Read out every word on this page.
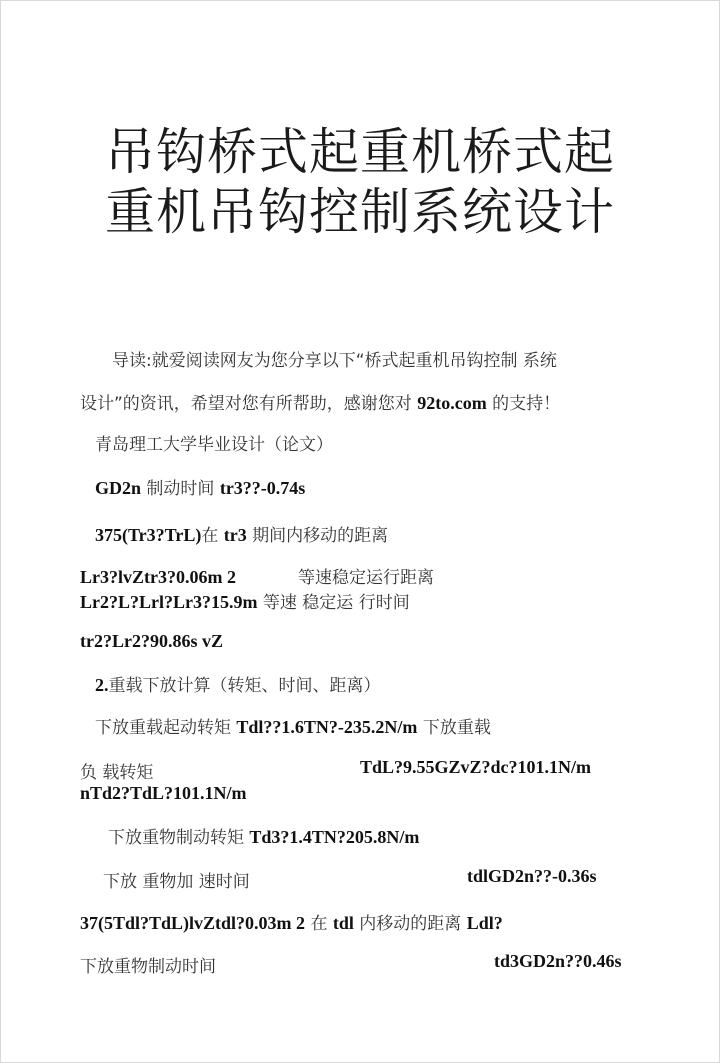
吊钩桥式起重机桥式起
重机吊钩控制系统设计
导读:就爱阅读网友为您分享以下“桥式起重机吊钩控制 系统
设计”的资讯，希望对您有所帮助，感谢您对 92to.com 的支持！
青岛理工大学毕业设计（论文）
GD2n 制动时间 tr3??-0.74s
375(Tr3?TrL)在 tr3 期间内移动的距离
Lr3?lvZtr3?0.06m 2	等速稳定运行距离
Lr2?L?Lrl?Lr3?15.9m 等速 稳定运 行时间
tr2?Lr2?90.86s vZ
2.重载下放计算（转矩、时间、距离）
下放重载起动转矩 Tdl??1.6TN?-235.2N/m 下放重载
负 载转矩	TdL?9.55GZvZ?dc?101.1N/m
nTd2?TdL?101.1N/m
下放重物制动转矩 Td3?1.4TN?205.8N/m
下放 重物加 速时间	tdlGD2n??-0.36s
37(5Tdl?TdL)lvZtdl?0.03m 2 在 tdl 内移动的距离 Ldl?
下放重物制动时间	td3GD2n??0.46s
